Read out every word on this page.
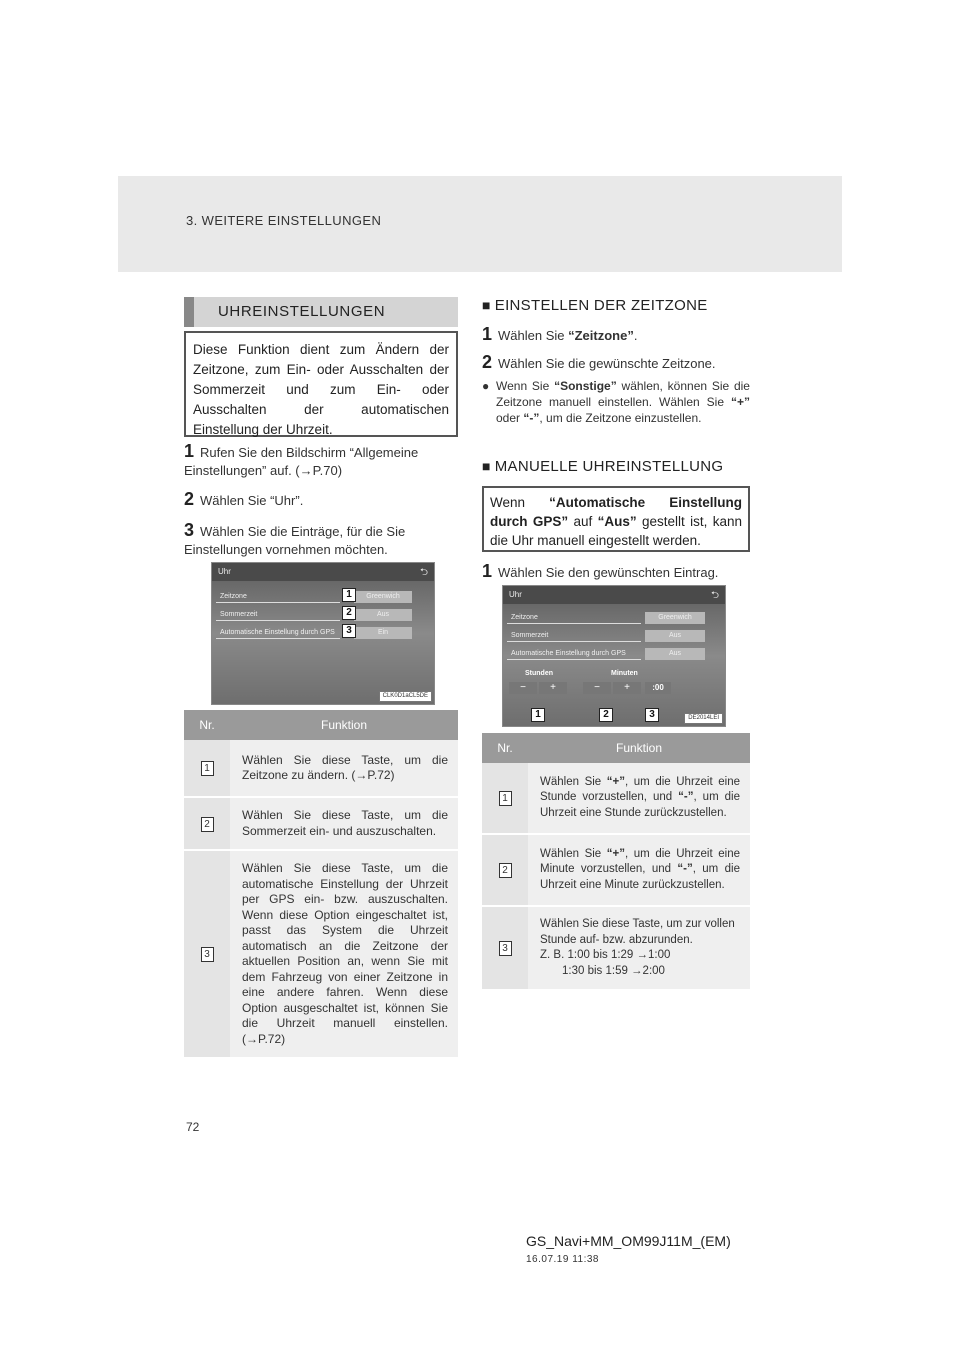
3. WEITERE EINSTELLUNGEN
UHREINSTELLUNGEN
Diese Funktion dient zum Ändern der Zeitzone, zum Ein- oder Ausschalten der Sommerzeit und zum Ein- oder Ausschalten der automatischen Einstellung der Uhrzeit.
1 Rufen Sie den Bildschirm “Allgemeine Einstellungen” auf. (→P.70)
2 Wählen Sie “Uhr”.
3 Wählen Sie die Einträge, für die Sie Einstellungen vornehmen möchten.
Uhr	⮌
Zeitzone	Greenwich
Sommerzeit	Aus
Automatische Einstellung durch GPS	Ein
1
2
3
CLK0D1aCL5DE
Nr.	Funktion
1	Wählen Sie diese Taste, um die Zeitzone zu ändern. (→P.72)
2	Wählen Sie diese Taste, um die Sommerzeit ein- und auszuschalten.
3	Wählen Sie diese Taste, um die automatische Einstellung der Uhrzeit per GPS ein- bzw. auszuschalten. Wenn diese Option eingeschaltet ist, passt das System die Uhrzeit automatisch an die Zeitzone der aktuellen Position an, wenn Sie mit dem Fahrzeug von einer Zeitzone in eine andere fahren. Wenn diese Option ausgeschaltet ist, können Sie die Uhrzeit manuell einstellen. (→P.72)
■ EINSTELLEN DER ZEITZONE
1 Wählen Sie “Zeitzone”.
2 Wählen Sie die gewünschte Zeitzone.
● Wenn Sie “Sonstige” wählen, können Sie die Zeitzone manuell einstellen. Wählen Sie “+” oder “-”, um die Zeitzone einzustellen.
■ MANUELLE UHREINSTELLUNG
Wenn “Automatische Einstellung durch GPS” auf “Aus” gestellt ist, kann die Uhr manuell eingestellt werden.
1 Wählen Sie den gewünschten Eintrag.
Uhr	⮌
Zeitzone	Greenwich
Sommerzeit	Aus
Automatische Einstellung durch GPS	Aus
Stunden	Minuten
−	+	−	+	:00
1	2	3	DE2014LEI
Nr.	Funktion
1	Wählen Sie “+”, um die Uhrzeit eine Stunde vorzustellen, und “-”, um die Uhrzeit eine Stunde zurückzustellen.
2	Wählen Sie “+”, um die Uhrzeit eine Minute vorzustellen, und “-”, um die Uhrzeit eine Minute zurückzustellen.
3	Wählen Sie diese Taste, um zur vollen Stunde auf- bzw. abzurunden.
Z. B. 1:00 bis 1:29 →1:00
1:30 bis 1:59 →2:00
72
GS_Navi+MM_OM99J11M_(EM)
16.07.19 11:38
